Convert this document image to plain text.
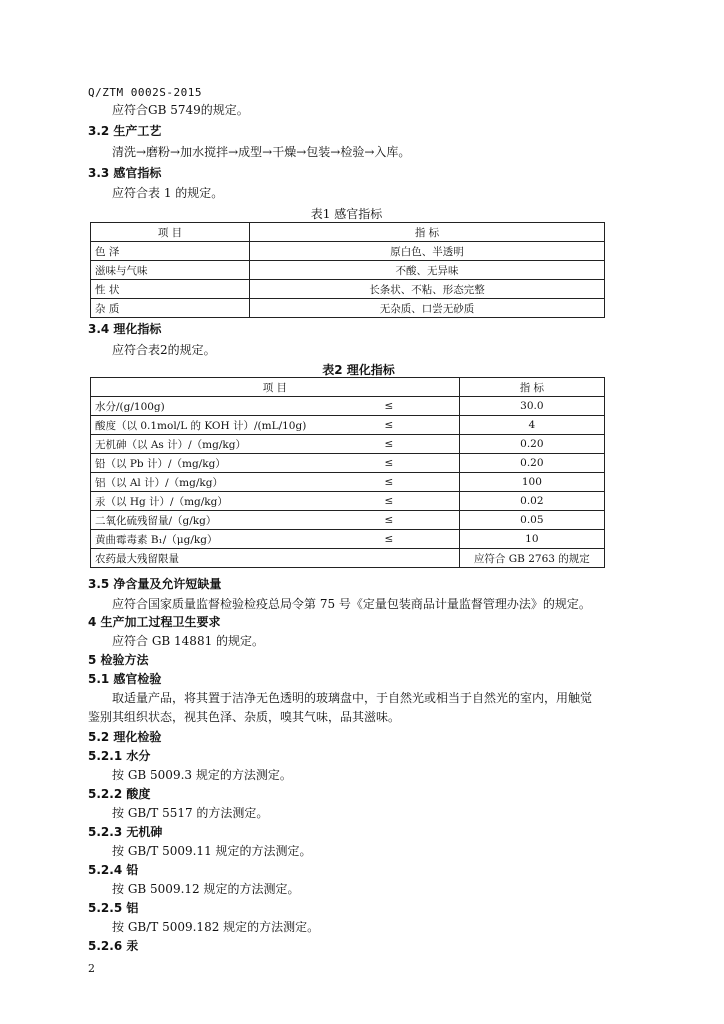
Q/ZTM 0002S-2015
应符合GB 5749的规定。
3.2 生产工艺
清洗→磨粉→加水搅拌→成型→干燥→包装→检验→入库。
3.3 感官指标
应符合表 1 的规定。
表1 感官指标
项 目	指 标
色 泽	原白色、半透明
滋味与气味	不酸、无异味
性 状	长条状、不粘、形态完整
杂 质	无杂质、口尝无砂质
3.4 理化指标
应符合表2的规定。
表2 理化指标
项 目		指 标
水分/(g/100g)	≤	30.0
酸度（以 0.1mol/L 的 KOH 计）/(mL/10g)	≤	4
无机砷（以 As 计）/（mg/kg）	≤	0.20
铅（以 Pb 计）/（mg/kg）	≤	0.20
铝（以 Al 计）/（mg/kg）	≤	100
汞（以 Hg 计）/（mg/kg）	≤	0.02
二氧化硫残留量/（g/kg）	≤	0.05
黄曲霉毒素 B₁/（μg/kg）	≤	10
农药最大残留限量		应符合 GB 2763 的规定
3.5 净含量及允许短缺量
应符合国家质量监督检验检疫总局令第 75 号《定量包装商品计量监督管理办法》的规定。
4 生产加工过程卫生要求
应符合 GB 14881 的规定。
5 检验方法
5.1 感官检验
取适量产品，将其置于洁净无色透明的玻璃盘中，于自然光或相当于自然光的室内，用触觉
鉴别其组织状态，视其色泽、杂质，嗅其气味，品其滋味。
5.2 理化检验
5.2.1 水分
按 GB 5009.3 规定的方法测定。
5.2.2 酸度
按 GB/T 5517 的方法测定。
5.2.3 无机砷
按 GB/T 5009.11 规定的方法测定。
5.2.4 铅
按 GB 5009.12 规定的方法测定。
5.2.5 铝
按 GB/T 5009.182 规定的方法测定。
5.2.6 汞
2
